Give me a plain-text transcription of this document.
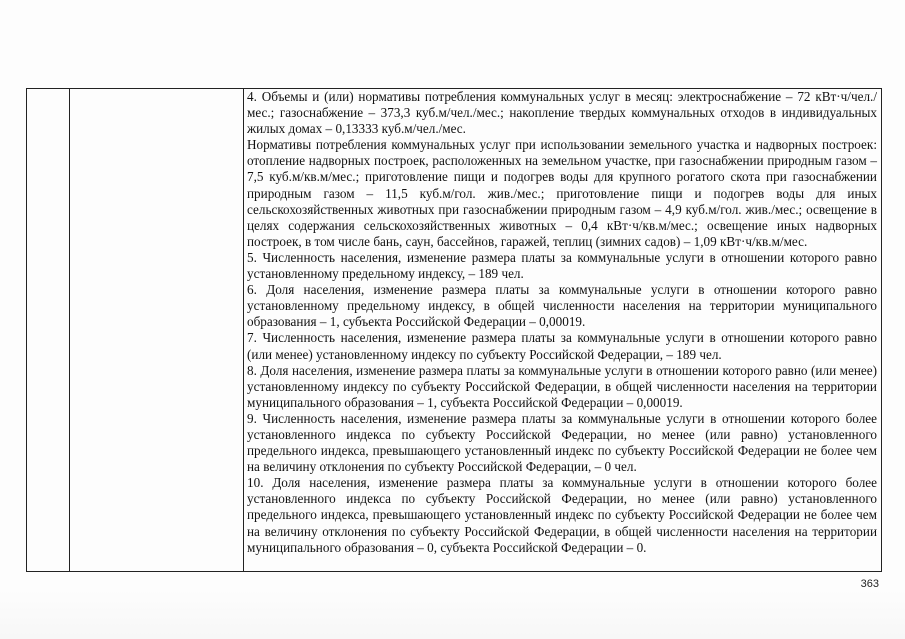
4. Объемы и (или) нормативы потребления коммунальных услуг в месяц: электроснабжение – 72 кВт·ч/чел./мес.; газоснабжение – 373,3 куб.м/чел./мес.; накопление твердых коммунальных отходов в индивидуальных жилых домах – 0,13333 куб.м/чел./мес.

Нормативы потребления коммунальных услуг при использовании земельного участка и надворных построек: отопление надворных построек, расположенных на земельном участке, при газоснабжении природным газом – 7,5 куб.м/кв.м/мес.; приготовление пищи и подогрев воды для крупного рогатого скота при газоснабжении природным газом – 11,5 куб.м/гол. жив./мес.; приготовление пищи и подогрев воды для иных сельскохозяйственных животных при газоснабжении природным газом – 4,9 куб.м/гол. жив./мес.; освещение в целях содержания сельскохозяйственных животных – 0,4 кВт·ч/кв.м/мес.; освещение иных надворных построек, в том числе бань, саун, бассейнов, гаражей, теплиц (зимних садов) – 1,09 кВт·ч/кв.м/мес.

5. Численность населения, изменение размера платы за коммунальные услуги в отношении которого равно установленному предельному индексу, – 189 чел.

6. Доля населения, изменение размера платы за коммунальные услуги в отношении которого равно установленному предельному индексу, в общей численности населения на территории муниципального образования – 1, субъекта Российской Федерации – 0,00019.

7. Численность населения, изменение размера платы за коммунальные услуги в отношении которого равно (или менее) установленному индексу по субъекту Российской Федерации, – 189 чел.

8. Доля населения, изменение размера платы за коммунальные услуги в отношении которого равно (или менее) установленному индексу по субъекту Российской Федерации, в общей численности населения на территории муниципального образования – 1, субъекта Российской Федерации – 0,00019.

9. Численность населения, изменение размера платы за коммунальные услуги в отношении которого более установленного индекса по субъекту Российской Федерации, но менее (или равно) установленного предельного индекса, превышающего установленный индекс по субъекту Российской Федерации не более чем на величину отклонения по субъекту Российской Федерации, – 0 чел.

10. Доля населения, изменение размера платы за коммунальные услуги в отношении которого более установленного индекса по субъекту Российской Федерации, но менее (или равно) установленного предельного индекса, превышающего установленный индекс по субъекту Российской Федерации не более чем на величину отклонения по субъекту Российской Федерации, в общей численности населения на территории муниципального образования – 0, субъекта Российской Федерации – 0.

363
